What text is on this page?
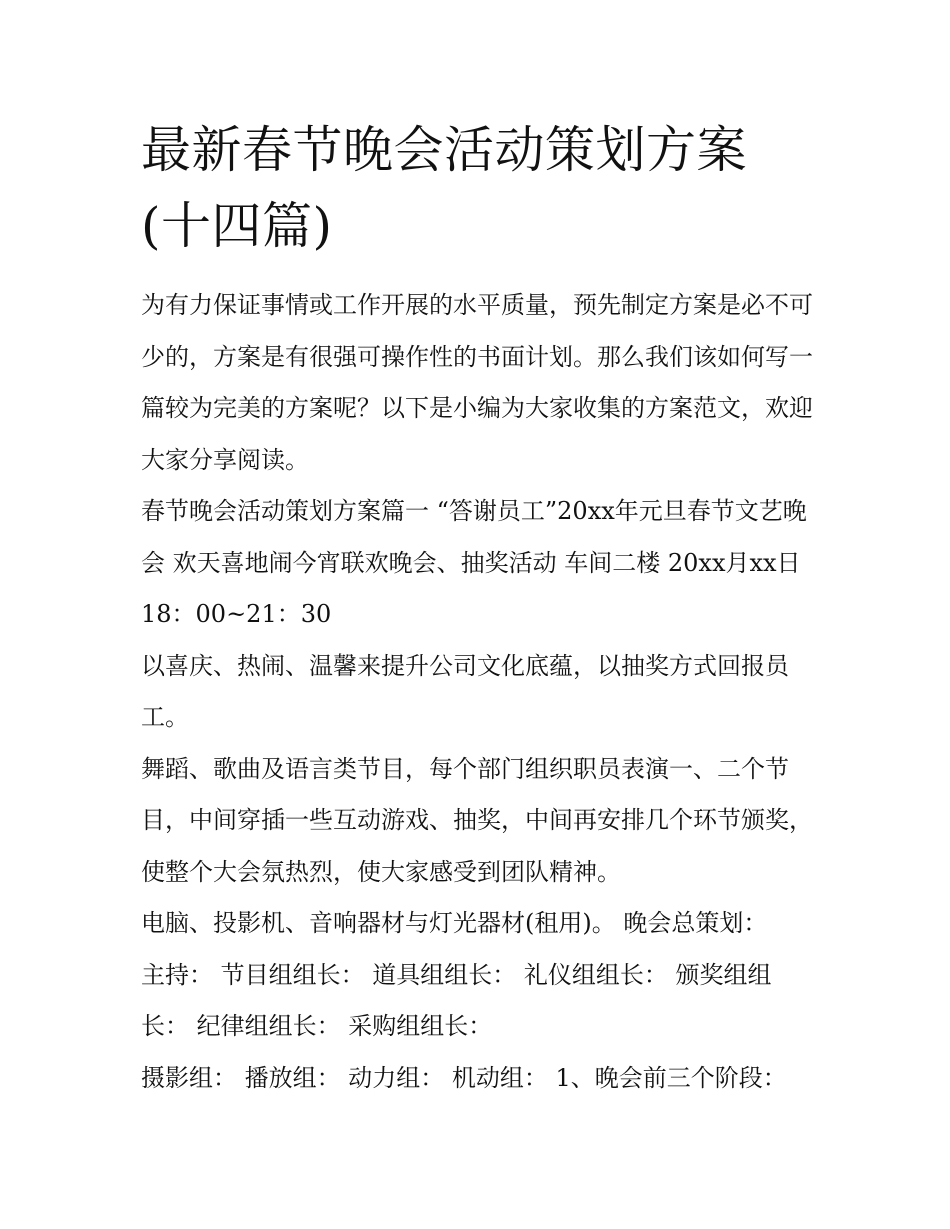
最新春节晚会活动策划方案(十四篇)

为有力保证事情或工作开展的水平质量，预先制定方案是必不可少的，方案是有很强可操作性的书面计划。那么我们该如何写一篇较为完美的方案呢？以下是小编为大家收集的方案范文，欢迎大家分享阅读。

春节晚会活动策划方案篇一 “答谢员工”20xx年元旦春节文艺晚会 欢天喜地闹今宵联欢晚会、抽奖活动 车间二楼 20xx月xx日18：00~21：30

以喜庆、热闹、温馨来提升公司文化底蕴，以抽奖方式回报员工。

舞蹈、歌曲及语言类节目，每个部门组织职员表演一、二个节目，中间穿插一些互动游戏、抽奖，中间再安排几个环节颁奖，使整个大会氛热烈，使大家感受到团队精神。

电脑、投影机、音响器材与灯光器材(租用)。 晚会总策划：

主持： 节目组组长： 道具组组长： 礼仪组组长： 颁奖组组长： 纪律组组长： 采购组组长：

摄影组： 播放组： 动力组： 机动组： 1、晚会前三个阶段：
